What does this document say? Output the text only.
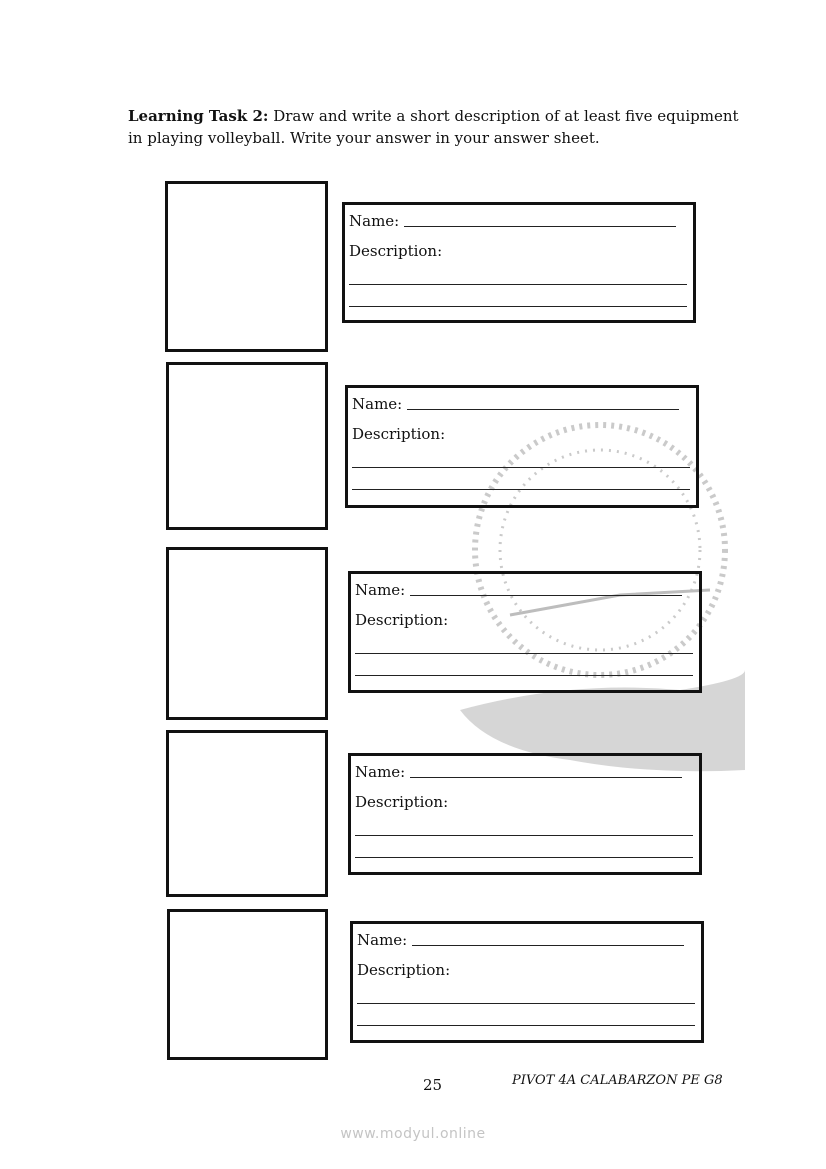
Learning Task 2: Draw and write a short description of at least five equipment in playing volleyball. Write your answer in your answer sheet.
Name:
Description:
Name:
Description:
Name:
Description:
Name:
Description:
Name:
Description:
25	PIVOT 4A CALABARZON PE G8
www.modyul.online
